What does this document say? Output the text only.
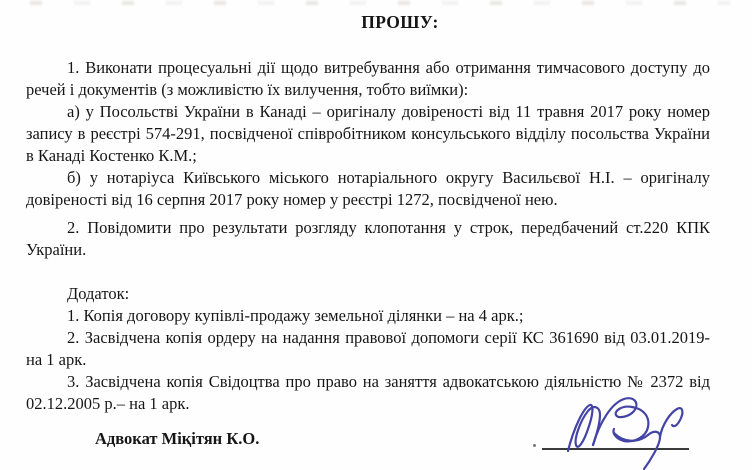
ПРОШУ:

1. Виконати процесуальні дії щодо витребування або отримання тимчасового доступу до речей і документів (з можливістю їх вилучення, тобто виїмки):

а) у Посольстві України в Канаді – оригіналу довіреності від 11 травня 2017 року номер запису в реєстрі 574-291, посвідченої співробітником консульського відділу посольства України в Канаді Костенко К.М.;

б) у нотаріуса Київського міського нотаріального округу Васильєвої Н.І. – оригіналу довіреності від 16 серпня 2017 року номер у реєстрі 1272, посвідченої нею.

2. Повідомити про результати розгляду клопотання у строк, передбачений ст.220 КПК України.

Додаток:

1. Копія договору купівлі-продажу земельної ділянки – на 4 арк.;

2. Засвідчена копія ордеру на надання правової допомоги серії КС 361690 від 03.01.2019- на 1 арк.

3. Засвідчена копія Свідоцтва про право на заняття адвокатською діяльністю № 2372 від 02.12.2005 р.– на 1 арк.

Адвокат Міқітян К.О.
